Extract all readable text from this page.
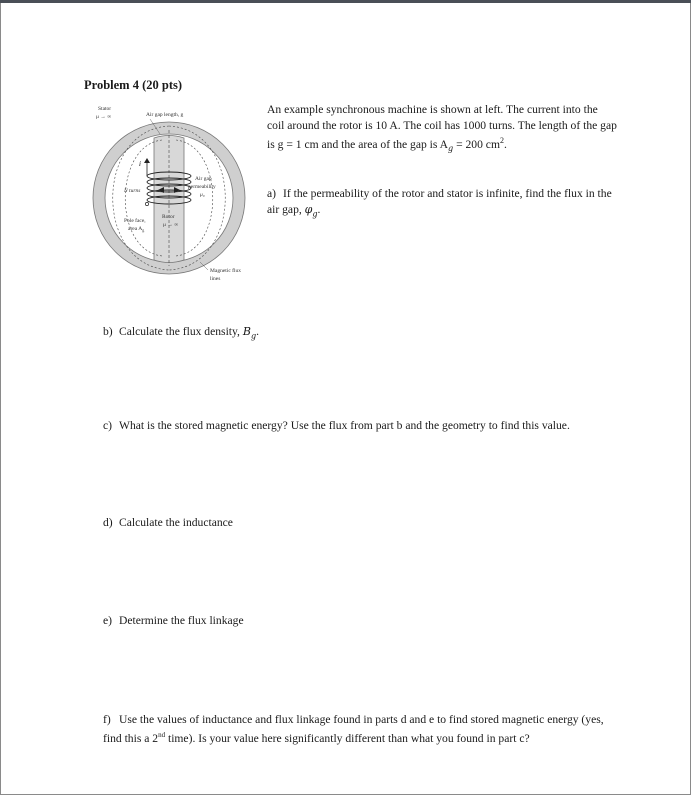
Problem 4 (20 pts)
i
Stator
μ → ∞	Air gap length, g
N turns
Air gap
permeability
μ₀
Rotor
μ → ∞
Pole face,
area $A_g$
Magnetic flux
lines
An example synchronous machine is shown at left. The current into the coil around the rotor is 10 A. The coil has 1000 turns. The length of the gap is g = 1 cm and the area of the gap is $A_g = 200$ $cm^2$.
a) If the permeability of the rotor and stator is infinite, find the flux in the air gap, $\varphi_g$.
b) Calculate the flux density, $B_g$.
c) What is the stored magnetic energy? Use the flux from part b and the geometry to find this value.
d) Calculate the inductance
e) Determine the flux linkage
f) Use the values of inductance and flux linkage found in parts d and e to find stored magnetic energy (yes, find this a 2nd time). Is your value here significantly different than what you found in part c?
